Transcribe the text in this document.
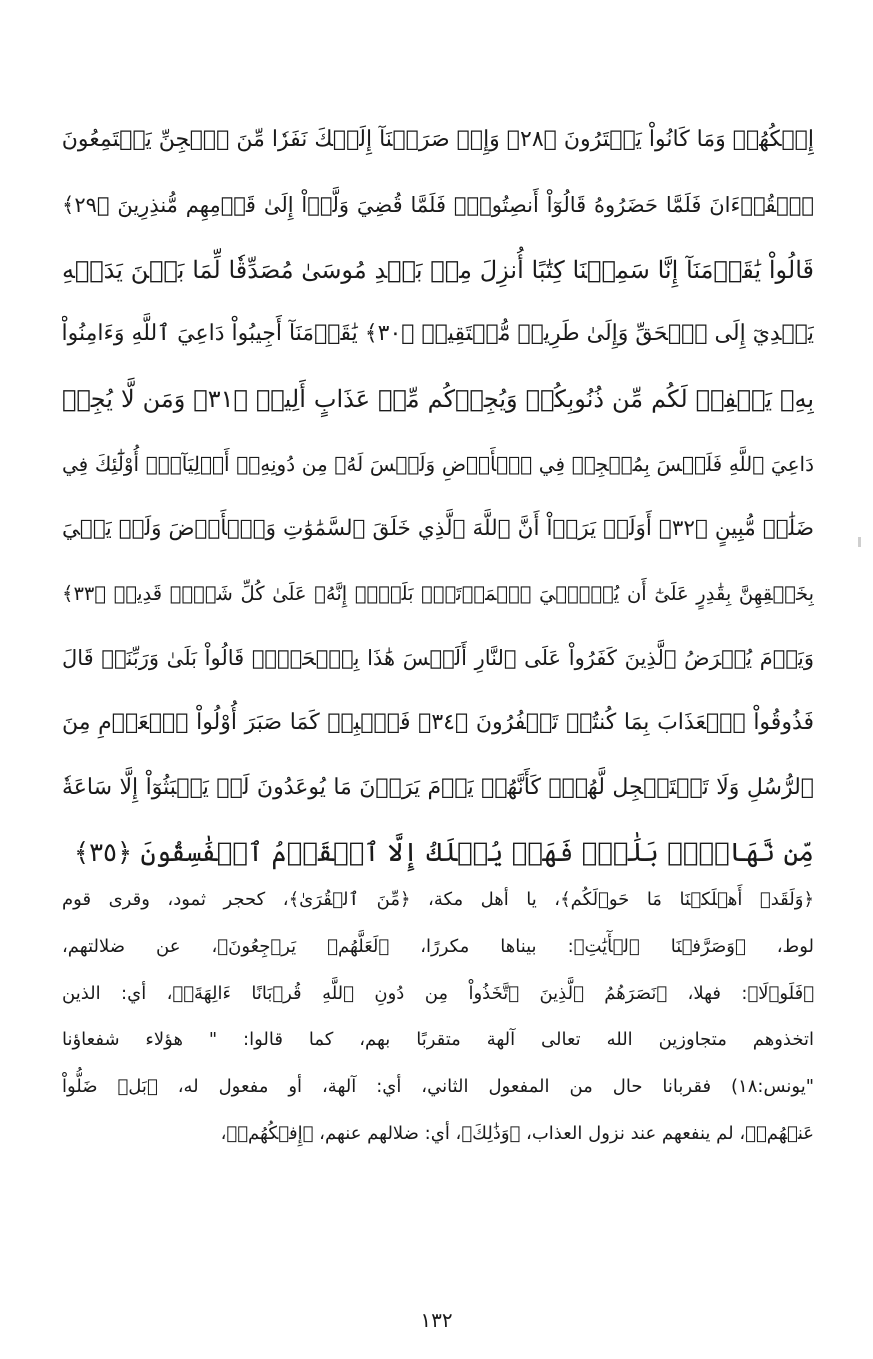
إِفۡكُهُمۡ وَمَا كَانُواْ يَفۡتَرُونَ ﴿٢٨﴾ وَإِذۡ صَرَفۡنَآ إِلَيۡكَ نَفَرٗا مِّنَ ٱلۡجِنِّ يَسۡتَمِعُونَ
ٱلۡقُرۡءَانَ فَلَمَّا حَضَرُوهُ قَالُوٓاْ أَنصِتُواْۖ فَلَمَّا قُضِيَ وَلَّوۡاْ إِلَىٰ قَوۡمِهِم مُّنذِرِينَ ﴿٢٩﴾
قَالُواْ يَٰقَوۡمَنَآ إِنَّا سَمِعۡنَا كِتَٰبًا أُنزِلَ مِنۢ بَعۡدِ مُوسَىٰ مُصَدِّقٗا لِّمَا بَيۡنَ يَدَيۡهِ
يَهۡدِيٓ إِلَى ٱلۡحَقِّ وَإِلَىٰ طَرِيقٖ مُّسۡتَقِيمٖ ﴿٣٠﴾ يَٰقَوۡمَنَآ أَجِيبُواْ دَاعِيَ ٱللَّهِ وَءَامِنُواْ
بِهِۦ يَغۡفِرۡ لَكُم مِّن ذُنُوبِكُمۡ وَيُجِرۡكُم مِّنۡ عَذَابٍ أَلِيمٖ ﴿٣١﴾ وَمَن لَّا يُجِبۡ
دَاعِيَ ٱللَّهِ فَلَيۡسَ بِمُعۡجِزٖ فِي ٱلۡأَرۡضِ وَلَيۡسَ لَهُۥ مِن دُونِهِۦٓ أَوۡلِيَآءُۚ أُوْلَٰٓئِكَ فِي
ضَلَٰلٖ مُّبِينٍ ﴿٣٢﴾ أَوَلَمۡ يَرَوۡاْ أَنَّ ٱللَّهَ ٱلَّذِي خَلَقَ ٱلسَّمَٰوَٰتِ وَٱلۡأَرۡضَ وَلَمۡ يَعۡيَ
بِخَلۡقِهِنَّ بِقَٰدِرٍ عَلَىٰٓ أَن يُحۡـِۧيَ ٱلۡمَوۡتَىٰۚ بَلَىٰٓۚ إِنَّهُۥ عَلَىٰ كُلِّ شَيۡءٖ قَدِيرٞ ﴿٣٣﴾
وَيَوۡمَ يُعۡرَضُ ٱلَّذِينَ كَفَرُواْ عَلَى ٱلنَّارِ أَلَيۡسَ هَٰذَا بِٱلۡحَقِّۖ قَالُواْ بَلَىٰ وَرَبِّنَاۚ قَالَ
فَذُوقُواْ ٱلۡعَذَابَ بِمَا كُنتُمۡ تَكۡفُرُونَ ﴿٣٤﴾ فَٱصۡبِرۡ كَمَا صَبَرَ أُوْلُواْ ٱلۡعَزۡمِ مِنَ
ٱلرُّسُلِ وَلَا تَسۡتَعۡجِل لَّهُمۡۚ كَأَنَّهُمۡ يَوۡمَ يَرَوۡنَ مَا يُوعَدُونَ لَمۡ يَلۡبَثُوٓاْ إِلَّا سَاعَةٗ
مِّن نَّهَارِۭۚ بَلَٰغٞۚ فَهَلۡ يُهۡلَكُ إِلَّا ٱلۡقَوۡمُ ٱلۡفَٰسِقُونَ ﴿٣٥﴾
﴿وَلَقَدۡ أَهۡلَكۡنَا مَا حَوۡلَكُم﴾، يا أهل مكة، ﴿مِّنَ ٱلۡقُرَىٰ﴾، كحجر ثمود، وقرى قوم
لوط، ﴿وَصَرَّفۡنَا ٱلۡأٓيَٰتِ﴾: بيناها مكررًا، ﴿لَعَلَّهُمۡ يَرۡجِعُونَ﴾، عن ضلالتهم،
﴿فَلَوۡلَا﴾: فهلا، ﴿نَصَرَهُمُ ٱلَّذِينَ ٱتَّخَذُواْ مِن دُونِ ٱللَّهِ قُرۡبَانًا ءَالِهَةَۢ﴾، أي: الذين
اتخذوهم متجاوزين الله تعالى آلهة متقربًا بهم، كما قالوا: " هؤلاء شفعاؤنا
"يونس:١٨) فقربانا حال من المفعول الثاني، أي: آلهة، أو مفعول له، ﴿بَلۡ ضَلُّواْ
عَنۡهُمۡ﴾، لم ينفعهم عند نزول العذاب، ﴿وَذَٰلِكَ﴾، أي: ضلالهم عنهم، ﴿إِفۡكُهُمۡ﴾،
١٣٢
